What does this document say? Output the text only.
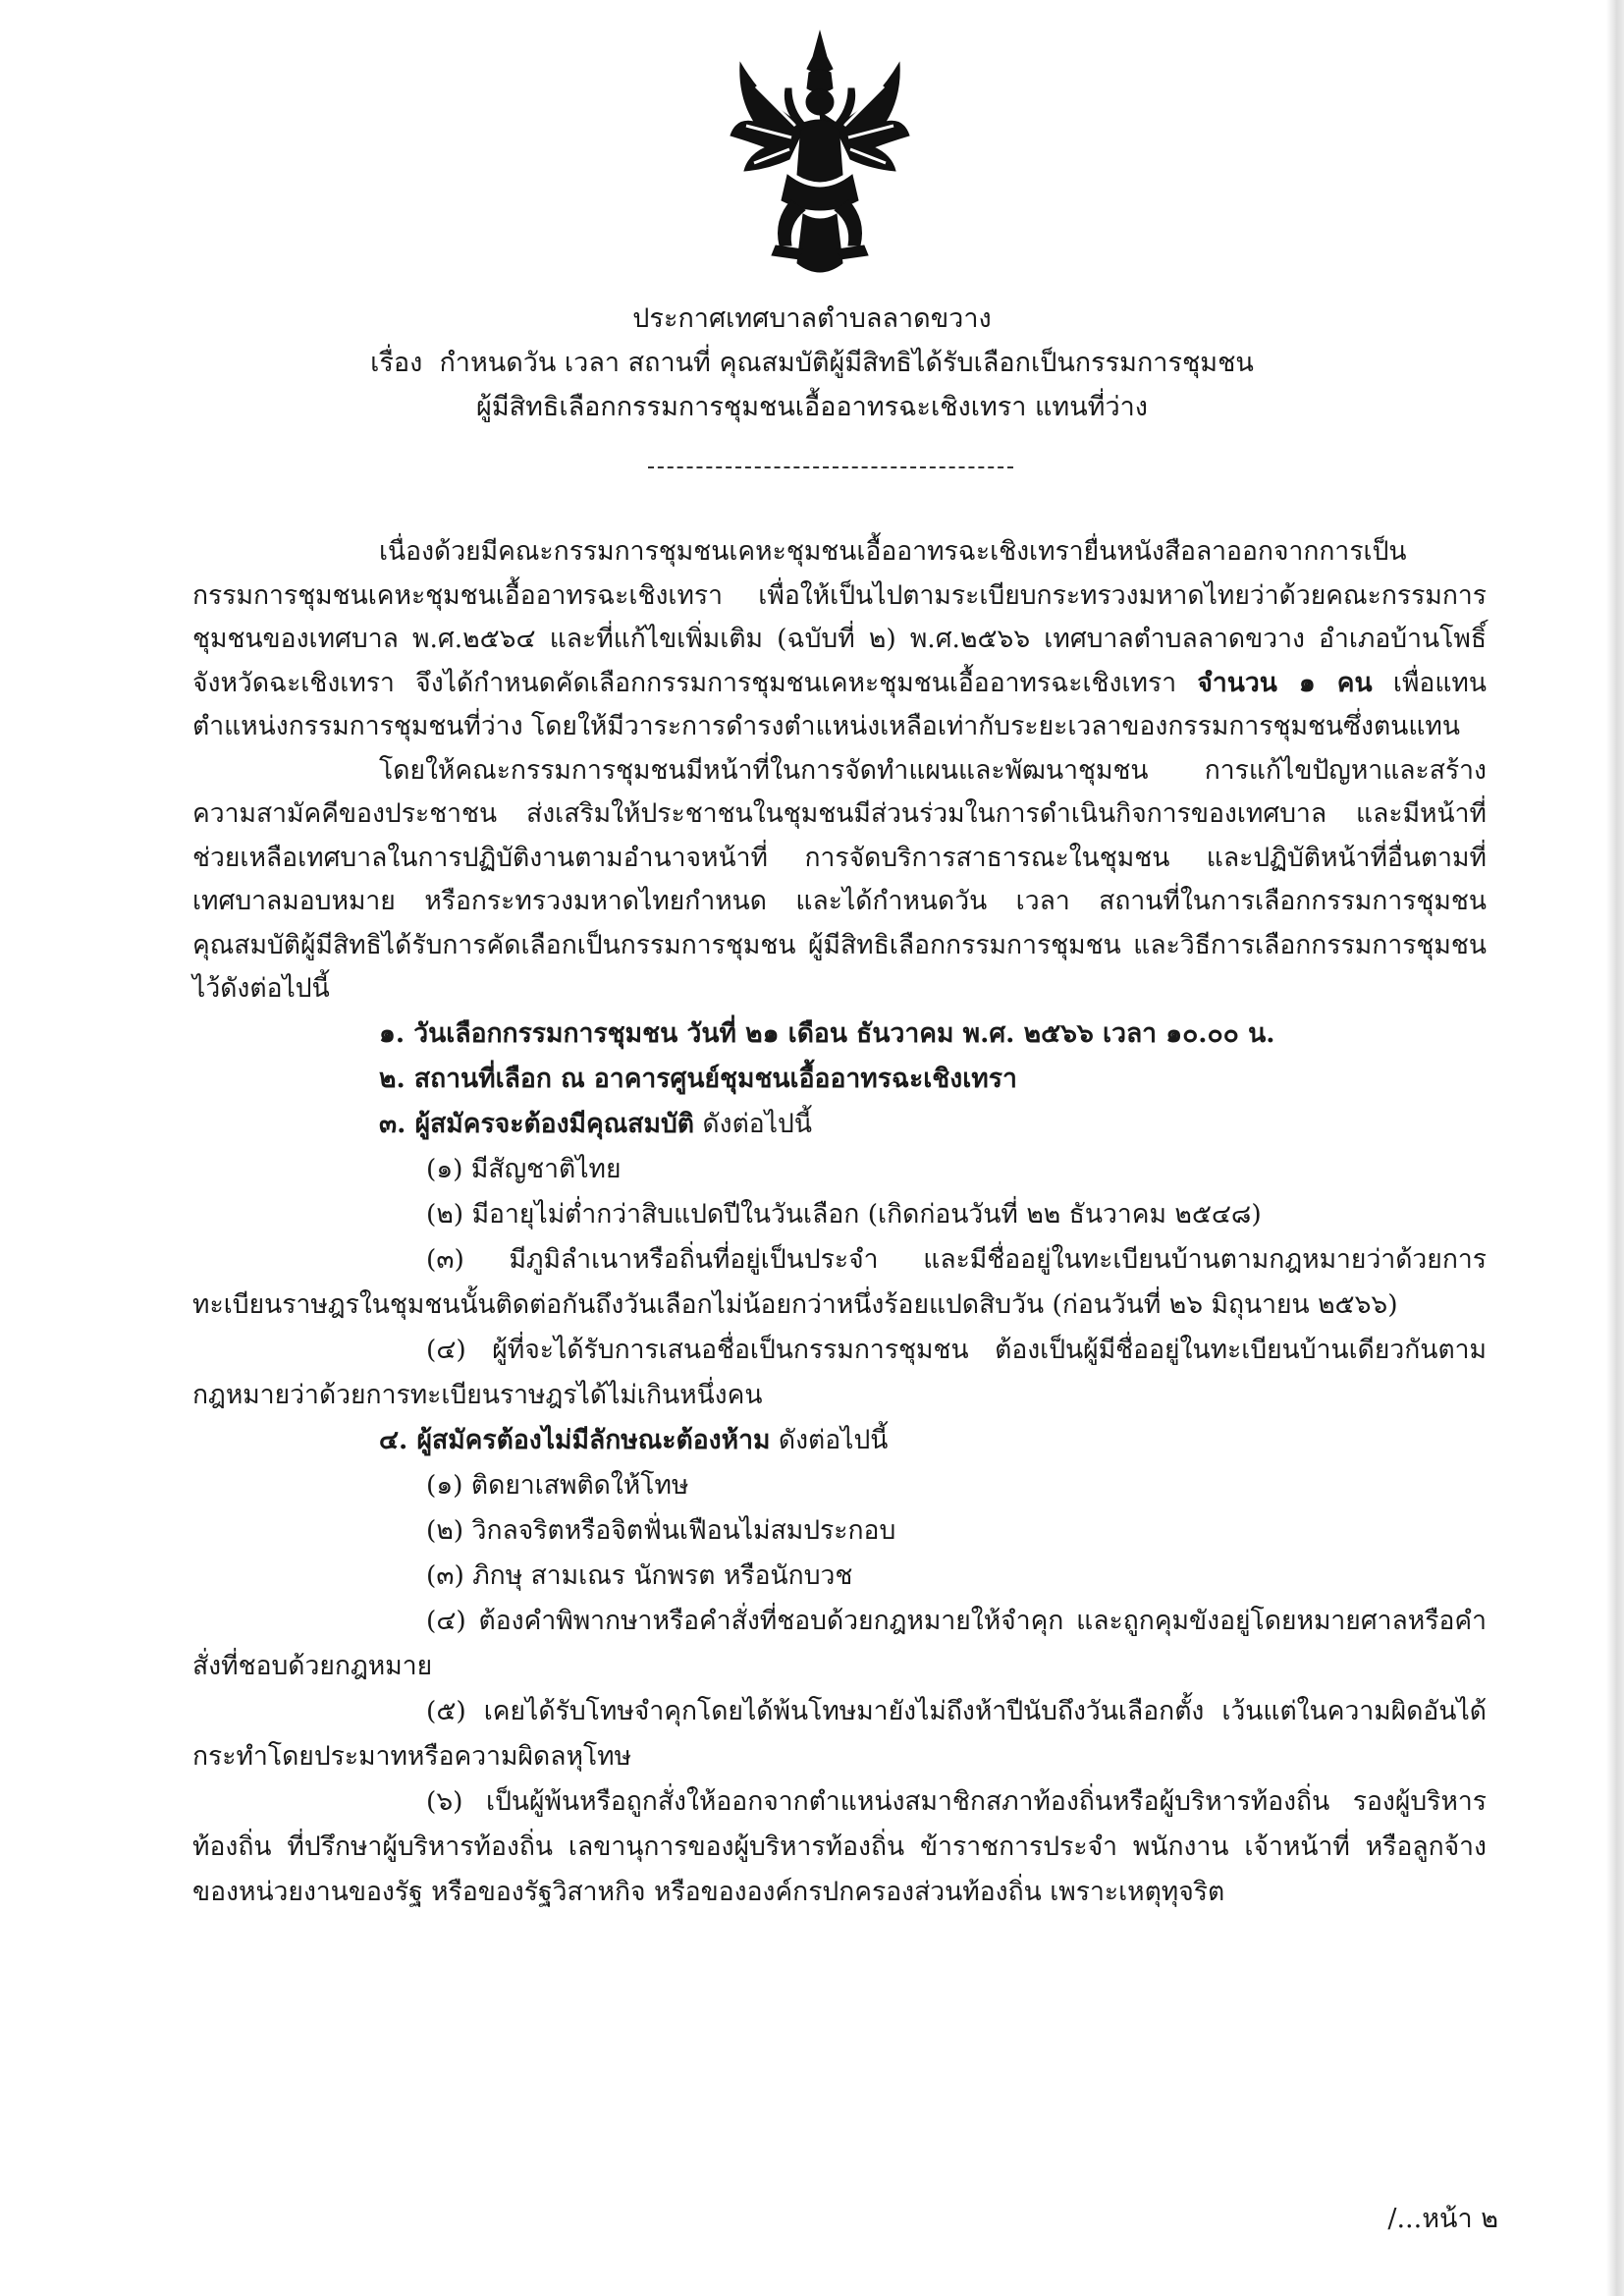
ประกาศเทศบาลตำบลลาดขวาง
เรื่อง กำหนดวัน เวลา สถานที่ คุณสมบัติผู้มีสิทธิได้รับเลือกเป็นกรรมการชุมชน
ผู้มีสิทธิเลือกกรรมการชุมชนเอื้ออาทรฉะเชิงเทรา แทนที่ว่าง

เนื่องด้วยมีคณะกรรมการชุมชนเคหะชุมชนเอื้ออาทรฉะเชิงเทรายื่นหนังสือลาออกจากการเป็นกรรมการชุมชนเคหะชุมชนเอื้ออาทรฉะเชิงเทรา เพื่อให้เป็นไปตามระเบียบกระทรวงมหาดไทยว่าด้วยคณะกรรมการชุมชนของเทศบาล พ.ศ.๒๕๖๔ และที่แก้ไขเพิ่มเติม (ฉบับที่ ๒) พ.ศ.๒๕๖๖ เทศบาลตำบลลาดขวาง อำเภอบ้านโพธิ์ จังหวัดฉะเชิงเทรา จึงได้กำหนดคัดเลือกกรรมการชุมชนเคหะชุมชนเอื้ออาทรฉะเชิงเทรา จำนวน ๑ คน เพื่อแทนตำแหน่งกรรมการชุมชนที่ว่าง โดยให้มีวาระการดำรงตำแหน่งเหลือเท่ากับระยะเวลาของกรรมการชุมชนซึ่งตนแทน

โดยให้คณะกรรมการชุมชนมีหน้าที่ในการจัดทำแผนและพัฒนาชุมชน การแก้ไขปัญหาและสร้างความสามัคคีของประชาชน ส่งเสริมให้ประชาชนในชุมชนมีส่วนร่วมในการดำเนินกิจการของเทศบาล และมีหน้าที่ช่วยเหลือเทศบาลในการปฏิบัติงานตามอำนาจหน้าที่ การจัดบริการสาธารณะในชุมชน และปฏิบัติหน้าที่อื่นตามที่เทศบาลมอบหมาย หรือกระทรวงมหาดไทยกำหนด และได้กำหนดวัน เวลา สถานที่ในการเลือกกรรมการชุมชน คุณสมบัติผู้มีสิทธิได้รับการคัดเลือกเป็นกรรมการชุมชน ผู้มีสิทธิเลือกกรรมการชุมชน และวิธีการเลือกกรรมการชุมชนไว้ดังต่อไปนี้

๑. วันเลือกกรรมการชุมชน วันที่ ๒๑ เดือน ธันวาคม พ.ศ. ๒๕๖๖ เวลา ๑๐.๐๐ น.

๒. สถานที่เลือก ณ อาคารศูนย์ชุมชนเอื้ออาทรฉะเชิงเทรา

๓. ผู้สมัครจะต้องมีคุณสมบัติ ดังต่อไปนี้

(๑) มีสัญชาติไทย

(๒) มีอายุไม่ต่ำกว่าสิบแปดปีในวันเลือก (เกิดก่อนวันที่ ๒๒ ธันวาคม ๒๕๔๘)

(๓) มีภูมิลำเนาหรือถิ่นที่อยู่เป็นประจำ และมีชื่ออยู่ในทะเบียนบ้านตามกฎหมายว่าด้วยการทะเบียนราษฎรในชุมชนนั้นติดต่อกันถึงวันเลือกไม่น้อยกว่าหนึ่งร้อยแปดสิบวัน (ก่อนวันที่ ๒๖ มิถุนายน ๒๕๖๖)

(๔) ผู้ที่จะได้รับการเสนอชื่อเป็นกรรมการชุมชน ต้องเป็นผู้มีชื่ออยู่ในทะเบียนบ้านเดียวกันตามกฎหมายว่าด้วยการทะเบียนราษฎรได้ไม่เกินหนึ่งคน

๔. ผู้สมัครต้องไม่มีลักษณะต้องห้าม ดังต่อไปนี้

(๑) ติดยาเสพติดให้โทษ

(๒) วิกลจริตหรือจิตฟั่นเฟือนไม่สมประกอบ

(๓) ภิกษุ สามเณร นักพรต หรือนักบวช

(๔) ต้องคำพิพากษาหรือคำสั่งที่ชอบด้วยกฎหมายให้จำคุก และถูกคุมขังอยู่โดยหมายศาลหรือคำสั่งที่ชอบด้วยกฎหมาย

(๕) เคยได้รับโทษจำคุกโดยได้พ้นโทษมายังไม่ถึงห้าปีนับถึงวันเลือกตั้ง เว้นแต่ในความผิดอันได้กระทำโดยประมาทหรือความผิดลหุโทษ

(๖) เป็นผู้พ้นหรือถูกสั่งให้ออกจากตำแหน่งสมาชิกสภาท้องถิ่นหรือผู้บริหารท้องถิ่น รองผู้บริหารท้องถิ่น ที่ปรึกษาผู้บริหารท้องถิ่น เลขานุการของผู้บริหารท้องถิ่น ข้าราชการประจำ พนักงาน เจ้าหน้าที่ หรือลูกจ้างของหน่วยงานของรัฐ หรือของรัฐวิสาหกิจ หรือขององค์กรปกครองส่วนท้องถิ่น เพราะเหตุทุจริต

/...หน้า ๒
